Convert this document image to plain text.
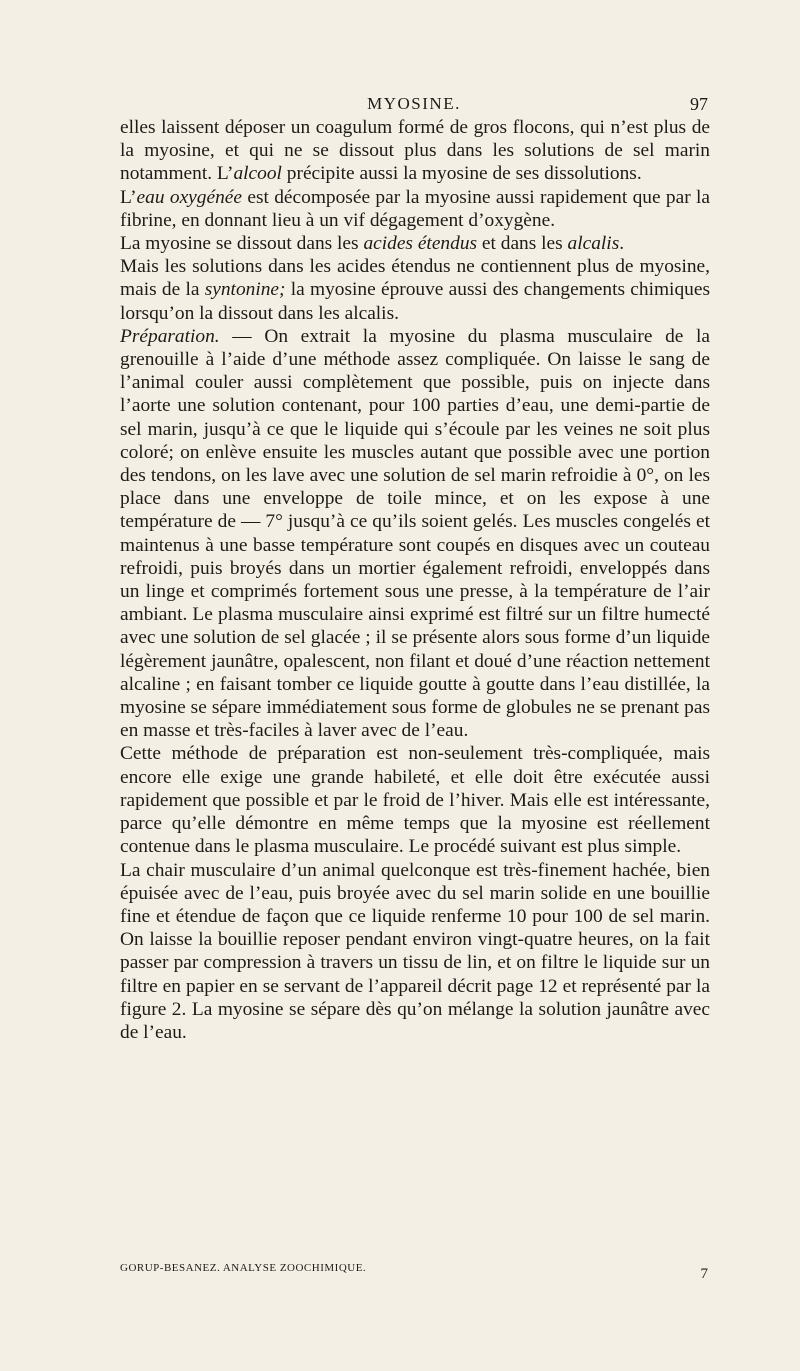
MYOSINE.	97

elles laissent déposer un coagulum formé de gros flocons, qui n’est plus de la myosine, et qui ne se dissout plus dans les solutions de sel marin notamment. L’alcool précipite aussi la myosine de ses dissolutions.

L’eau oxygénée est décomposée par la myosine aussi rapidement que par la fibrine, en donnant lieu à un vif dégagement d’oxygène.

La myosine se dissout dans les acides étendus et dans les alcalis.

Mais les solutions dans les acides étendus ne contiennent plus de myosine, mais de la syntonine; la myosine éprouve aussi des changements chimiques lorsqu’on la dissout dans les alcalis.

Préparation. — On extrait la myosine du plasma musculaire de la grenouille à l’aide d’une méthode assez compliquée. On laisse le sang de l’animal couler aussi complètement que possible, puis on injecte dans l’aorte une solution contenant, pour 100 parties d’eau, une demi-partie de sel marin, jusqu’à ce que le liquide qui s’écoule par les veines ne soit plus coloré; on enlève ensuite les muscles autant que possible avec une portion des tendons, on les lave avec une solution de sel marin refroidie à 0°, on les place dans une enveloppe de toile mince, et on les expose à une température de — 7° jusqu’à ce qu’ils soient gelés. Les muscles congelés et maintenus à une basse température sont coupés en disques avec un couteau refroidi, puis broyés dans un mortier également refroidi, enveloppés dans un linge et comprimés fortement sous une presse, à la température de l’air ambiant. Le plasma musculaire ainsi exprimé est filtré sur un filtre humecté avec une solution de sel glacée ; il se présente alors sous forme d’un liquide légèrement jaunâtre, opalescent, non filant et doué d’une réaction nettement alcaline ; en faisant tomber ce liquide goutte à goutte dans l’eau distillée, la myosine se sépare immédiatement sous forme de globules ne se prenant pas en masse et très-faciles à laver avec de l’eau.

Cette méthode de préparation est non-seulement très-compliquée, mais encore elle exige une grande habileté, et elle doit être exécutée aussi rapidement que possible et par le froid de l’hiver. Mais elle est intéressante, parce qu’elle démontre en même temps que la myosine est réellement contenue dans le plasma musculaire. Le procédé suivant est plus simple.

La chair musculaire d’un animal quelconque est très-finement hachée, bien épuisée avec de l’eau, puis broyée avec du sel marin solide en une bouillie fine et étendue de façon que ce liquide renferme 10 pour 100 de sel marin. On laisse la bouillie reposer pendant environ vingt-quatre heures, on la fait passer par compression à travers un tissu de lin, et on filtre le liquide sur un filtre en papier en se servant de l’appareil décrit page 12 et représenté par la figure 2. La myosine se sépare dès qu’on mélange la solution jaunâtre avec de l’eau.

GORUP-BESANEZ. ANALYSE ZOOCHIMIQUE.	7
